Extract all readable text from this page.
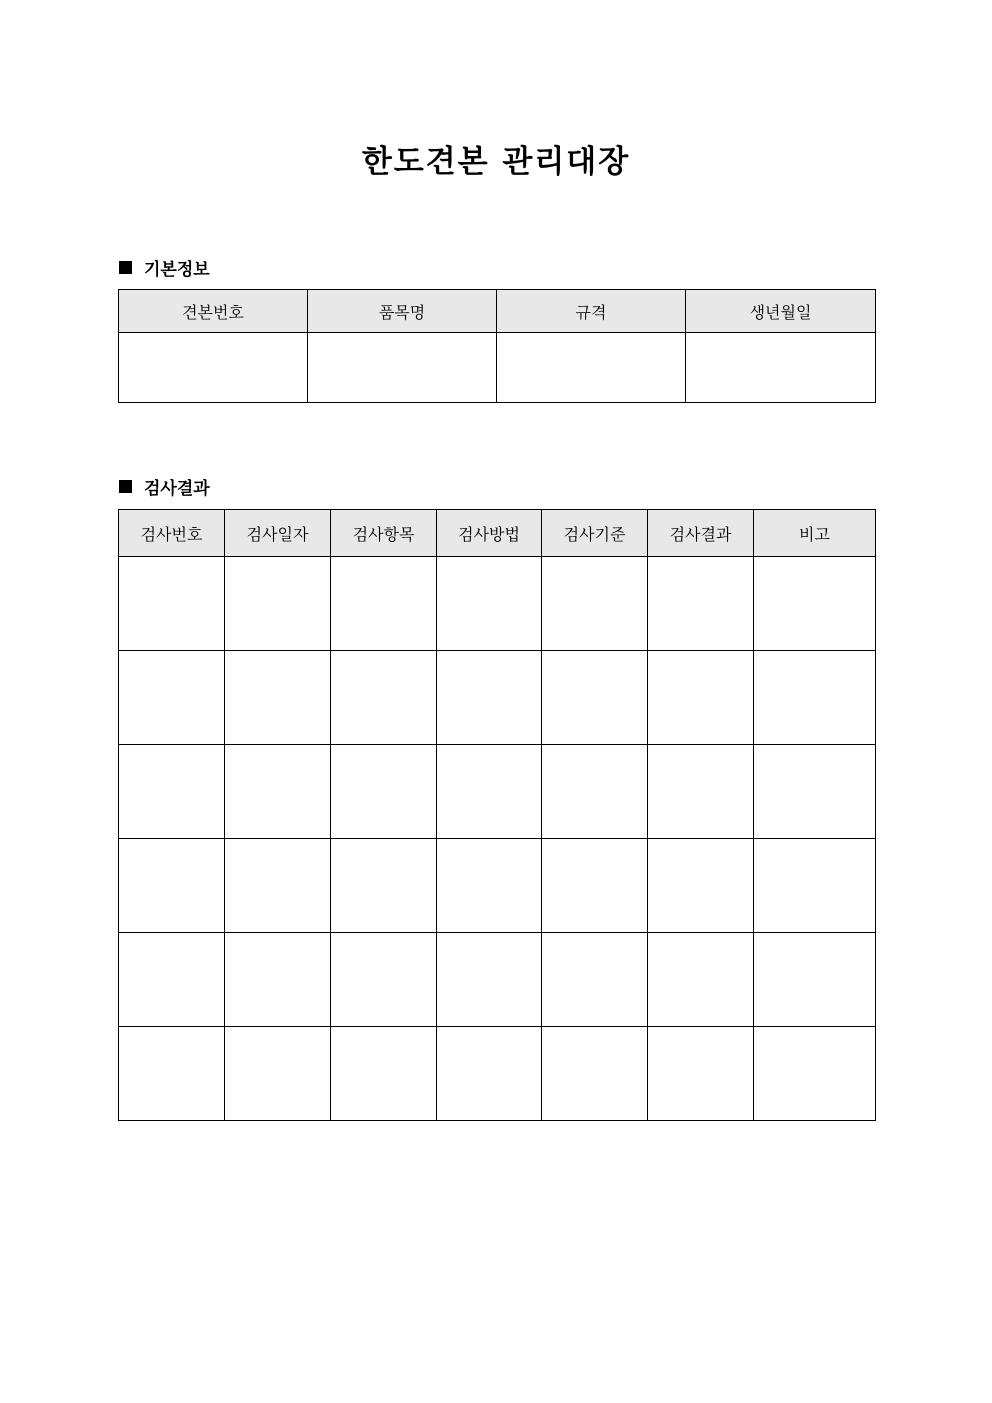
한도견본 관리대장
기본정보
견본번호	품목명	규격	생년월일

검사결과
검사번호	검사일자	검사항목	검사방법	검사기준	검사결과	비고
